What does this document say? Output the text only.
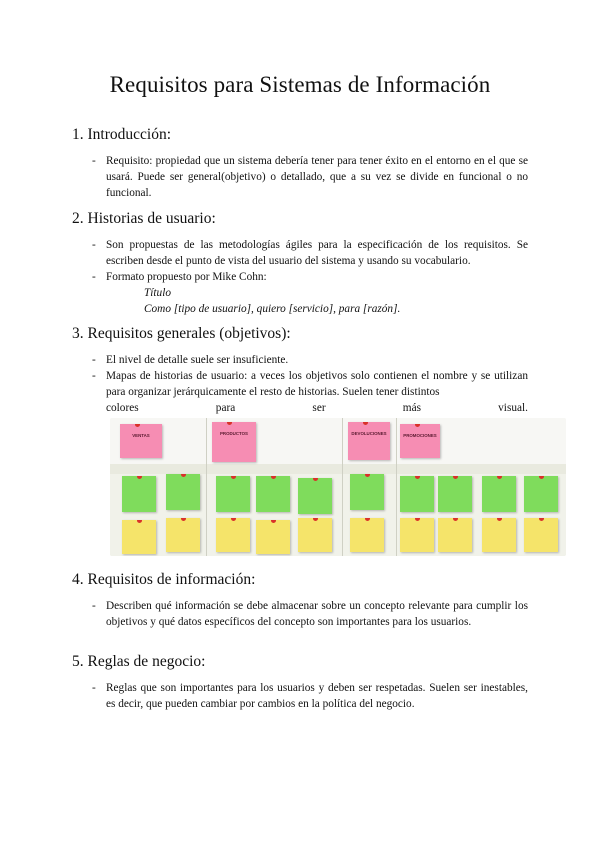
Requisitos para Sistemas de Información
1. Introducción:
- Requisito: propiedad que un sistema debería tener para tener éxito en el entorno en el que se usará. Puede ser general(objetivo) o detallado, que a su vez se divide en funcional o no funcional.
2. Historias de usuario:
- Son propuestas de las metodologías ágiles para la especificación de los requisitos. Se escriben desde el punto de vista del usuario del sistema y usando su vocabulario.
- Formato propuesto por Mike Cohn:
Título
Como [tipo de usuario], quiero [servicio], para [razón].
3. Requisitos generales (objetivos):
- El nivel de detalle suele ser insuficiente.
- Mapas de historias de usuario: a veces los objetivos solo contienen el nombre y se utilizan para organizar jerárquicamente el resto de historias. Suelen tener distintos
colores	para	ser	más	visual.
VENTAS	PRODUCTOS	DEVOLUCIONES	PROMOCIONES
4. Requisitos de información:
- Describen qué información se debe almacenar sobre un concepto relevante para cumplir los objetivos y qué datos específicos del concepto son importantes para los usuarios.
5. Reglas de negocio:
- Reglas que son importantes para los usuarios y deben ser respetadas. Suelen ser inestables, es decir, que pueden cambiar por cambios en la política del negocio.
